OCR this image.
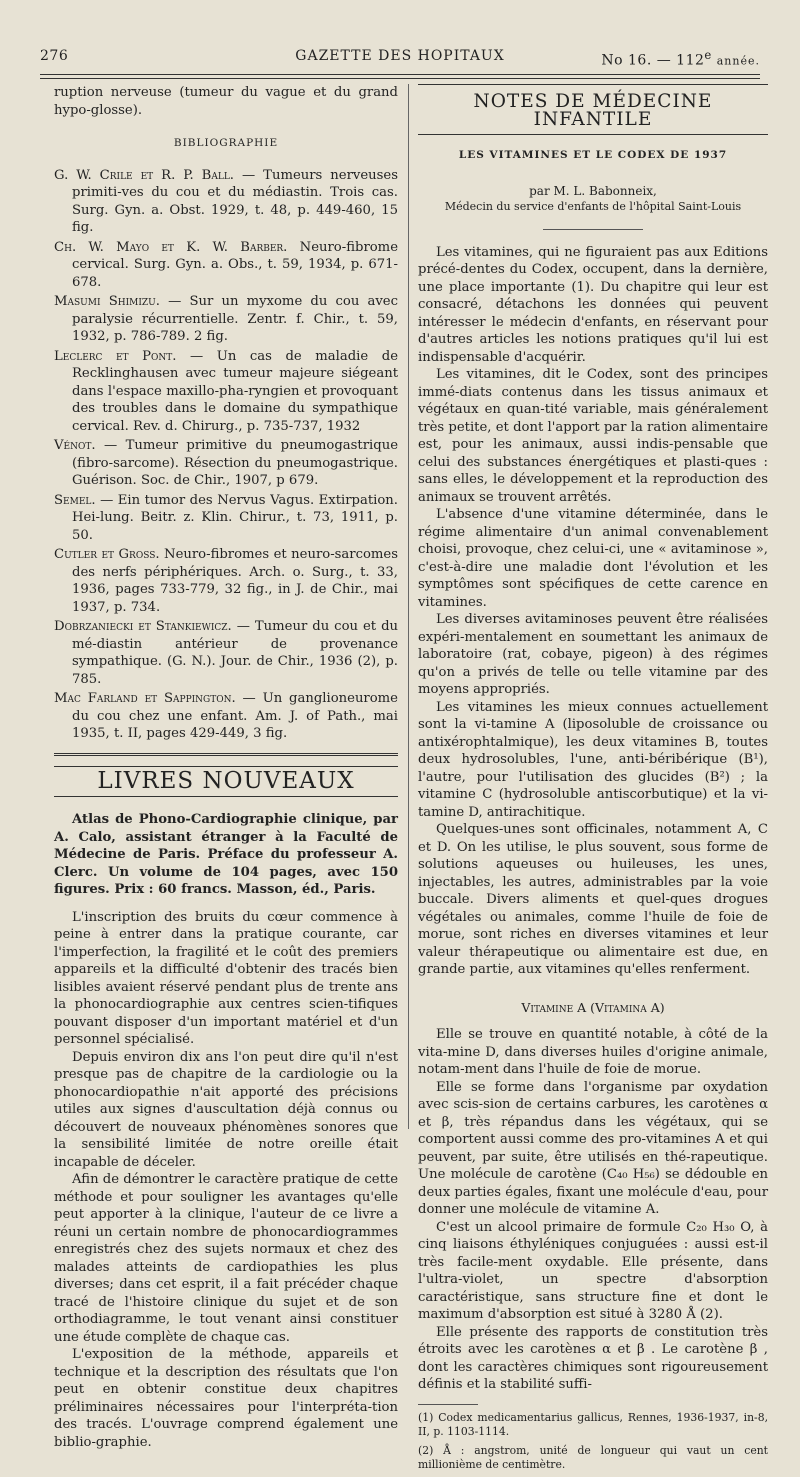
276	GAZETTE DES HOPITAUX	No 16. — 112e année.

ruption nerveuse (tumeur du vague et du grand hypo-glosse).

BIBLIOGRAPHIE

G. W. Crile et R. P. Ball. — Tumeurs nerveuses primiti-ves du cou et du médiastin. Trois cas. Surg. Gyn. a. Obst. 1929, t. 48, p. 449-460, 15 fig.

Ch. W. Mayo et K. W. Barber. Neuro-fibrome cervical. Surg. Gyn. a. Obs., t. 59, 1934, p. 671-678.

Masumi Shimizu. — Sur un myxome du cou avec paralysie récurrentielle. Zentr. f. Chir., t. 59, 1932, p. 786-789. 2 fig.

Leclerc et Pont. — Un cas de maladie de Recklinghausen avec tumeur majeure siégeant dans l'espace maxillo-pha-ryngien et provoquant des troubles dans le domaine du sympathique cervical. Rev. d. Chirurg., p. 735-737, 1932

Vénot. — Tumeur primitive du pneumogastrique (fibro-sarcome). Résection du pneumogastrique. Guérison. Soc. de Chir., 1907, p 679.

Semel. — Ein tumor des Nervus Vagus. Extirpation. Hei-lung. Beitr. z. Klin. Chirur., t. 73, 1911, p. 50.

Cutler et Gross. Neuro-fibromes et neuro-sarcomes des nerfs périphériques. Arch. o. Surg., t. 33, 1936, pages 733-779, 32 fig., in J. de Chir., mai 1937, p. 734.

Dobrzaniecki et Stankiewicz. — Tumeur du cou et du mé-diastin antérieur de provenance sympathique. (G. N.). Jour. de Chir., 1936 (2), p. 785.

Mac Farland et Sappington. — Un ganglioneurome du cou chez une enfant. Am. J. of Path., mai 1935, t. II, pages 429-449, 3 fig.

LIVRES NOUVEAUX

Atlas de Phono-Cardiographie clinique, par A. Calo, assistant étranger à la Faculté de Médecine de Paris. Préface du professeur A. Clerc. Un volume de 104 pages, avec 150 figures. Prix : 60 francs. Masson, éd., Paris.

L'inscription des bruits du cœur commence à peine à entrer dans la pratique courante, car l'imperfection, la fragilité et le coût des premiers appareils et la difficulté d'obtenir des tracés bien lisibles avaient réservé pendant plus de trente ans la phonocardiographie aux centres scien-tifiques pouvant disposer d'un important matériel et d'un personnel spécialisé.

Depuis environ dix ans l'on peut dire qu'il n'est presque pas de chapitre de la cardiologie ou la phonocardiopathie n'ait apporté des précisions utiles aux signes d'auscultation déjà connus ou découvert de nouveaux phénomènes sonores que la sensibilité limitée de notre oreille était incapable de déceler.

Afin de démontrer le caractère pratique de cette méthode et pour souligner les avantages qu'elle peut apporter à la clinique, l'auteur de ce livre a réuni un certain nombre de phonocardiogrammes enregistrés chez des sujets normaux et chez des malades atteints de cardiopathies les plus diverses; dans cet esprit, il a fait précéder chaque tracé de l'histoire clinique du sujet et de son orthodiagramme, le tout venant ainsi constituer une étude complète de chaque cas.

L'exposition de la méthode, appareils et technique et la description des résultats que l'on peut en obtenir constitue deux chapitres préliminaires nécessaires pour l'interpréta-tion des tracés. L'ouvrage comprend également une biblio-graphie.

NOTES DE MÉDECINE INFANTILE
LES VITAMINES ET LE CODEX DE 1937
par M. L. Babonneix,
Médecin du service d'enfants de l'hôpital Saint-Louis

Les vitamines, qui ne figuraient pas aux Editions précé-dentes du Codex, occupent, dans la dernière, une place importante (1). Du chapitre qui leur est consacré, détachons les données qui peuvent intéresser le médecin d'enfants, en réservant pour d'autres articles les notions pratiques qu'il lui est indispensable d'acquérir.

Les vitamines, dit le Codex, sont des principes immé-diats contenus dans les tissus animaux et végétaux en quan-tité variable, mais généralement très petite, et dont l'apport par la ration alimentaire est, pour les animaux, aussi indis-pensable que celui des substances énergétiques et plasti-ques : sans elles, le développement et la reproduction des animaux se trouvent arrêtés.

L'absence d'une vitamine déterminée, dans le régime alimentaire d'un animal convenablement choisi, provoque, chez celui-ci, une « avitaminose », c'est-à-dire une maladie dont l'évolution et les symptômes sont spécifiques de cette carence en vitamines.

Les diverses avitaminoses peuvent être réalisées expéri-mentalement en soumettant les animaux de laboratoire (rat, cobaye, pigeon) à des régimes qu'on a privés de telle ou telle vitamine par des moyens appropriés.

Les vitamines les mieux connues actuellement sont la vi-tamine A (liposoluble de croissance ou antixérophtalmique), les deux vitamines B, toutes deux hydrosolubles, l'une, anti-béribérique (B¹), l'autre, pour l'utilisation des glucides (B²) ; la vitamine C (hydrosoluble antiscorbutique) et la vi-tamine D, antirachitique.

Quelques-unes sont officinales, notamment A, C et D. On les utilise, le plus souvent, sous forme de solutions aqueuses ou huileuses, les unes, injectables, les autres, administrables par la voie buccale. Divers aliments et quel-ques drogues végétales ou animales, comme l'huile de foie de morue, sont riches en diverses vitamines et leur valeur thérapeutique ou alimentaire est due, en grande partie, aux vitamines qu'elles renferment.

Vitamine A (Vitamina A)

Elle se trouve en quantité notable, à côté de la vita-mine D, dans diverses huiles d'origine animale, notam-ment dans l'huile de foie de morue.

Elle se forme dans l'organisme par oxydation avec scis-sion de certains carbures, les carotènes α et β, très répandus dans les végétaux, qui se comportent aussi comme des pro-vitamines A et qui peuvent, par suite, être utilisés en thé-rapeutique. Une molécule de carotène (C₄₀ H₅₆) se dédouble en deux parties égales, fixant une molécule d'eau, pour donner une molécule de vitamine A.

C'est un alcool primaire de formule C₂₀ H₃₀ O, à cinq liaisons éthyléniques conjuguées : aussi est-il très facile-ment oxydable. Elle présente, dans l'ultra-violet, un spectre d'absorption caractéristique, sans structure fine et dont le maximum d'absorption est situé à 3280 Å (2).

Elle présente des rapports de constitution très étroits avec les carotènes α et β . Le carotène β , dont les caractères chimiques sont rigoureusement définis et la stabilité suffi-

(1) Codex medicamentarius gallicus, Rennes, 1936-1937, in-8, II, p. 1103-1114.

(2) Å : angstrom, unité de longueur qui vaut un cent millionième de centimètre.
